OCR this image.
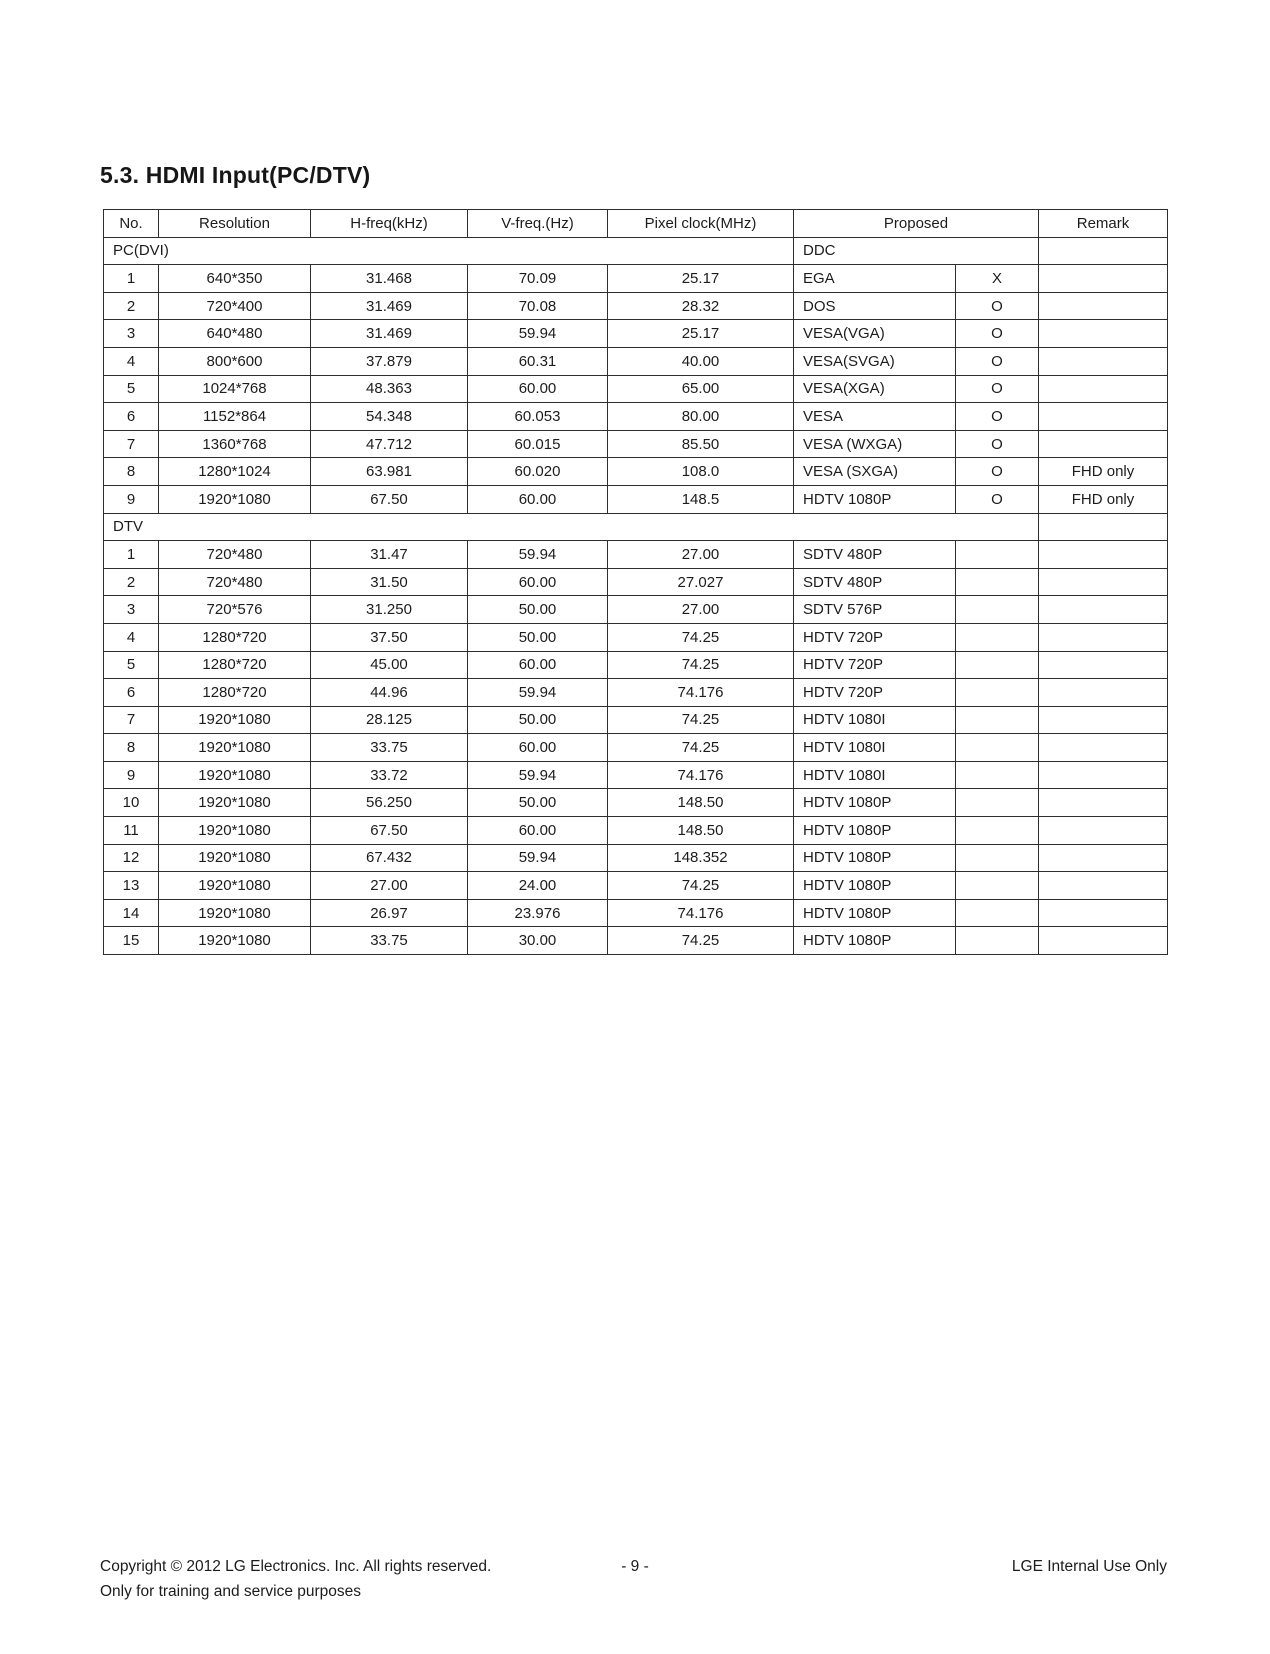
5.3. HDMI Input(PC/DTV)
No.	Resolution	H-freq(kHz)	V-freq.(Hz)	Pixel clock(MHz)	Proposed		Remark
PC(DVI)					DDC		
1	640*350	31.468	70.09	25.17	EGA	X	
2	720*400	31.469	70.08	28.32	DOS	O	
3	640*480	31.469	59.94	25.17	VESA(VGA)	O	
4	800*600	37.879	60.31	40.00	VESA(SVGA)	O	
5	1024*768	48.363	60.00	65.00	VESA(XGA)	O	
6	1152*864	54.348	60.053	80.00	VESA	O	
7	1360*768	47.712	60.015	85.50	VESA (WXGA)	O	
8	1280*1024	63.981	60.020	108.0	VESA (SXGA)	O	FHD only
9	1920*1080	67.50	60.00	148.5	HDTV 1080P	O	FHD only
DTV							
1	720*480	31.47	59.94	27.00	SDTV 480P		
2	720*480	31.50	60.00	27.027	SDTV 480P		
3	720*576	31.250	50.00	27.00	SDTV 576P		
4	1280*720	37.50	50.00	74.25	HDTV 720P		
5	1280*720	45.00	60.00	74.25	HDTV 720P		
6	1280*720	44.96	59.94	74.176	HDTV 720P		
7	1920*1080	28.125	50.00	74.25	HDTV 1080I		
8	1920*1080	33.75	60.00	74.25	HDTV 1080I		
9	1920*1080	33.72	59.94	74.176	HDTV 1080I		
10	1920*1080	56.250	50.00	148.50	HDTV 1080P		
11	1920*1080	67.50	60.00	148.50	HDTV 1080P		
12	1920*1080	67.432	59.94	148.352	HDTV 1080P		
13	1920*1080	27.00	24.00	74.25	HDTV 1080P		
14	1920*1080	26.97	23.976	74.176	HDTV 1080P		
15	1920*1080	33.75	30.00	74.25	HDTV 1080P		
Copyright © 2012 LG Electronics. Inc. All rights reserved.
Only for training and service purposes
- 9 -	LGE Internal Use Only
